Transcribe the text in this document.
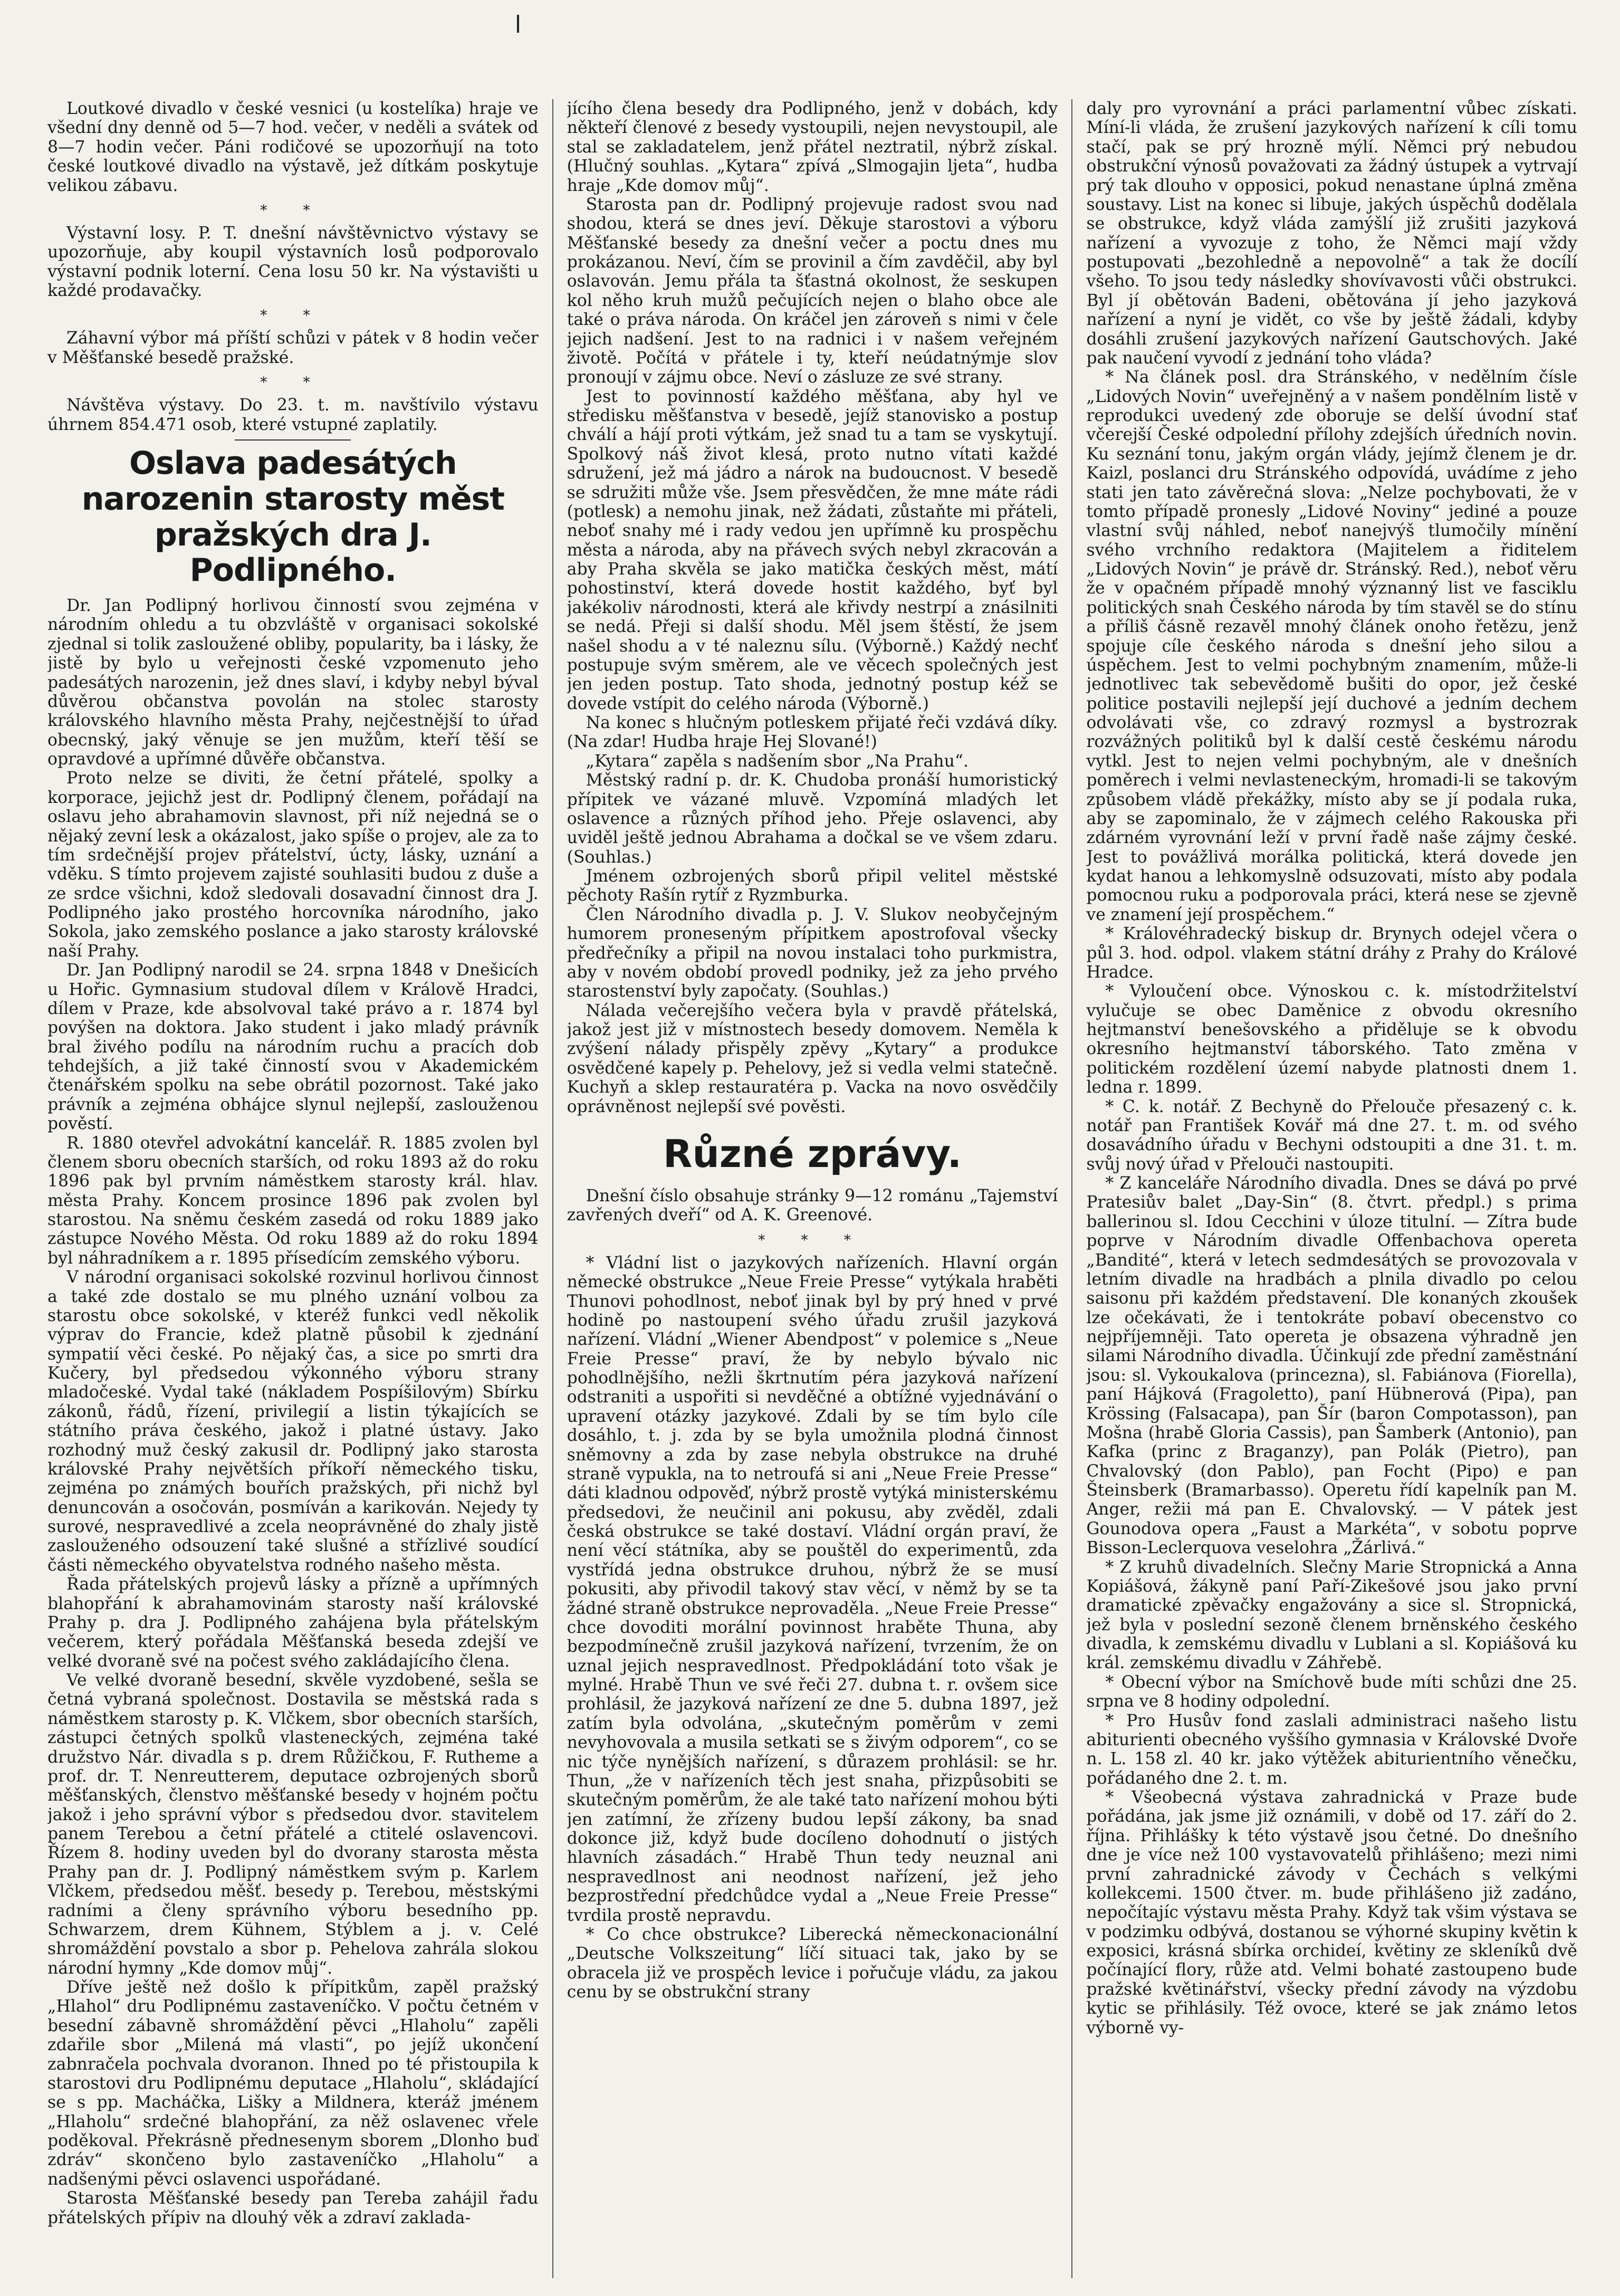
Loutkové divadlo v české vesnici (u kostelíka) hraje ve všední dny denně od 5—7 hod. večer, v neděli a svátek od 8—7 hodin večer. Páni rodičové se upozorňují na toto české loutkové divadlo na výstavě, jež dítkám poskytuje velikou zábavu.

* *

Výstavní losy. P. T. dnešní návštěvnictvo výstavy se upozorňuje, aby koupil výstavních losů podporovalo výstavní podnik loterní. Cena losu 50 kr. Na výstavišti u každé prodavačky.

* *

Záhavní výbor má příští schůzi v pátek v 8 hodin večer v Měšťanské besedě pražské.

* *

Návštěva výstavy. Do 23. t. m. navštívilo výstavu úhrnem 854.471 osob, které vstupné zaplatily.

Oslava padesátých narozenin starosty měst pražských dra J. Podlipného.

Dr. Jan Podlipný horlivou činností svou zejména v národním ohledu a tu obzvláště v organisaci sokolské zjednal si tolik zasloužené obliby, popularity, ba i lásky, že jistě by bylo u veřejnosti české vzpomenuto jeho padesátých narozenin, jež dnes slaví, i kdyby nebyl býval důvěrou občanstva povolán na stolec starosty královského hlavního města Prahy, nejčestnější to úřad obecnský, jaký věnuje se jen mužům, kteří těší se opravdové a upřímné důvěře občanstva.

Proto nelze se diviti, že četní přátelé, spolky a korporace, jejichž jest dr. Podlipný členem, pořádají na oslavu jeho abrahamovin slavnost, při níž nejedná se o nějaký zevní lesk a okázalost, jako spíše o projev, ale za to tím srdečnější projev přátelství, úcty, lásky, uznání a vděku. S tímto projevem zajisté souhlasiti budou z duše a ze srdce všichni, kdož sledovali dosavadní činnost dra J. Podlipného jako prostého horcovníka národního, jako Sokola, jako zemského poslance a jako starosty královské naší Prahy.

Dr. Jan Podlipný narodil se 24. srpna 1848 v Dnešicích u Hořic. Gymnasium studoval dílem v Králově Hradci, dílem v Praze, kde absolvoval také právo a r. 1874 byl povýšen na doktora. Jako student i jako mladý právník bral živého podílu na národním ruchu a pracích dob tehdejších, a již také činností svou v Akademickém čtenářském spolku na sebe obrátil pozornost. Také jako právník a zejména obhájce slynul nejlepší, zaslouženou pověstí.

R. 1880 otevřel advokátní kancelář. R. 1885 zvolen byl členem sboru obecních starších, od roku 1893 až do roku 1896 pak byl prvním náměstkem starosty král. hlav. města Prahy. Koncem prosince 1896 pak zvolen byl starostou. Na sněmu českém zasedá od roku 1889 jako zástupce Nového Města. Od roku 1889 až do roku 1894 byl náhradníkem a r. 1895 přísedícím zemského výboru.

V národní organisaci sokolské rozvinul horlivou činnost a také zde dostalo se mu plného uznání volbou za starostu obce sokolské, v kteréž funkci vedl několik výprav do Francie, kdež platně působil k zjednání sympatií věci české. Po nějaký čas, a sice po smrti dra Kučery, byl předsedou výkonného výboru strany mladočeské. Vydal také (nákladem Pospíšilovým) Sbírku zákonů, řádů, řízení, privilegií a listin týkajících se státního práva českého, jakož i platné ústavy. Jako rozhodný muž český zakusil dr. Podlipný jako starosta královské Prahy největších příkoří německého tisku, zejména po známých bouřích pražských, při nichž byl denuncován a osočován, posmíván a karikován. Nejedy ty surové, nespravedlivé a zcela neoprávněné do zhaly jistě zaslouženého odsouzení také slušné a střízlivé soudící části německého obyvatelstva rodného našeho města.

Řada přátelských projevů lásky a přízně a upřímných blahopřání k abrahamovinám starosty naší královské Prahy p. dra J. Podlipného zahájena byla přátelským večerem, který pořádala Měšťanská beseda zdejší ve velké dvoraně své na počest svého zakládajícího člena.

Ve velké dvoraně besední, skvěle vyzdobené, sešla se četná vybraná společnost. Dostavila se městská rada s náměstkem starosty p. K. Vlčkem, sbor obecních starších, zástupci četných spolků vlasteneckých, zejména také družstvo Nár. divadla s p. drem Růžičkou, F. Rutheme a prof. dr. T. Nenreutterem, deputace ozbrojených sborů měšťanských, členstvo měšťanské besedy v hojném počtu jakož i jeho správní výbor s předsedou dvor. stavitelem panem Terebou a četní přátelé a ctitelé oslavencovi. Řízem 8. hodiny uveden byl do dvorany starosta města Prahy pan dr. J. Podlipný náměstkem svým p. Karlem Vlčkem, předsedou měšť. besedy p. Terebou, městskými radními a členy správního výboru besedního pp. Schwarzem, drem Kühnem, Stýblem a j. v. Celé shromáždění povstalo a sbor p. Pehelova zahrála slokou národní hymny „Kde domov můj“.

Dříve ještě než došlo k přípitkům, zapěl pražský „Hlahol“ dru Podlipnému zastaveníčko. V počtu četném v besední zábavně shromáždění pěvci „Hlaholu“ zapěli zdařile sbor „Milená má vlasti“, po jejíž ukončení zabnračela pochvala dvoranon. Ihned po té přistoupila k starostovi dru Podlipnému deputace „Hlaholu“, skládající se s pp. Macháčka, Lišky a Mildnera, kteráž jménem „Hlaholu“ srdečné blahopřání, za něž oslavenec vřele poděkoval. Překrásně přednesenym sborem „Dlonho buď zdráv“ skončeno bylo zastaveníčko „Hlaholu“ a nadšenými pěvci oslavenci uspořádané.

Starosta Měšťanské besedy pan Tereba zahájil řadu přátelských přípiv na dlouhý věk a zdraví zaklada-

jícího člena besedy dra Podlipného, jenž v dobách, kdy někteří členové z besedy vystoupili, nejen nevystoupil, ale stal se zakladatelem, jenž přátel neztratil, nýbrž získal. (Hlučný souhlas. „Kytara“ zpívá „Slmogajin ljeta“, hudba hraje „Kde domov můj“.

Starosta pan dr. Podlipný projevuje radost svou nad shodou, která se dnes jeví. Děkuje starostovi a výboru Měšťanské besedy za dnešní večer a poctu dnes mu prokázanou. Neví, čím se provinil a čím zavděčil, aby byl oslavován. Jemu přála ta šťastná okolnost, že seskupen kol něho kruh mužů pečujících nejen o blaho obce ale také o práva národa. On kráčel jen zároveň s nimi v čele jejich nadšení. Jest to na radnici i v našem veřejném životě. Počítá v přátele i ty, kteří neúdatnýmje slov pronoují v zájmu obce. Neví o zásluze ze své strany.

Jest to povinností každého měšťana, aby hyl ve středisku měšťanstva v besedě, jejíž stanovisko a postup chválí a hájí proti výtkám, jež snad tu a tam se vyskytují. Spolkový náš život klesá, proto nutno vítati každé sdružení, jež má jádro a nárok na budoucnost. V besedě se sdružiti může vše. Jsem přesvědčen, že mne máte rádi (potlesk) a nemohu jinak, než žádati, zůstaňte mi přáteli, neboť snahy mé i rady vedou jen upřímně ku prospěchu města a národa, aby na přávech svých nebyl zkracován a aby Praha skvěla se jako matička českých měst, mátí pohostinství, která dovede hostit každého, byť byl jakékoliv národnosti, která ale křivdy nestrpí a znásilniti se nedá. Přeji si další shodu. Měl jsem štěstí, že jsem našel shodu a v té naleznu sílu. (Výborně.) Každý nechť postupuje svým směrem, ale ve věcech společných jest jen jeden postup. Tato shoda, jednotný postup kéž se dovede vstípit do celého národa (Výborně.)

Na konec s hlučným potleskem přijaté řeči vzdává díky. (Na zdar! Hudba hraje Hej Slované!)

„Kytara“ zapěla s nadšením sbor „Na Prahu“.

Městský radní p. dr. K. Chudoba pronáší humoristický přípitek ve vázané mluvě. Vzpomíná mladých let oslavence a různých příhod jeho. Přeje oslavenci, aby uviděl ještě jednou Abrahama a dočkal se ve všem zdaru. (Souhlas.)

Jménem ozbrojených sborů připil velitel městské pěchoty Rašín rytíř z Ryzmburka.

Člen Národního divadla p. J. V. Slukov neobyčejným humorem proneseným přípitkem apostrofoval všecky předřečníky a připil na novou instalaci toho purkmistra, aby v novém období provedl podniky, jež za jeho prvého starostenství byly započaty. (Souhlas.)

Nálada večerejšího večera byla v pravdě přátelská, jakož jest již v místnostech besedy domovem. Neměla k zvýšení nálady přispěly zpěvy „Kytary“ a produkce osvědčené kapely p. Pehelovy, jež si vedla velmi statečně. Kuchyň a sklep restauratéra p. Vacka na novo osvědčily oprávněnost nejlepší své pověsti.

Různé zprávy.

Dnešní číslo obsahuje stránky 9—12 románu „Tajemství zavřených dveří“ od A. K. Greenové.

* * *

* Vládní list o jazykových nařízeních. Hlavní orgán německé obstrukce „Neue Freie Presse“ vytýkala hraběti Thunovi pohodlnost, neboť jinak byl by prý hned v prvé hodině po nastoupení svého úřadu zrušil jazyková nařízení. Vládní „Wiener Abendpost“ v polemice s „Neue Freie Presse“ praví, že by nebylo bývalo nic pohodlnějšího, nežli škrtnutím péra jazyková nařízení odstraniti a uspořiti si nevděčné a obtížné vyjednávání o upravení otázky jazykové. Zdali by se tím bylo cíle dosáhlo, t. j. zda by se byla umožnila plodná činnost sněmovny a zda by zase nebyla obstrukce na druhé straně vypukla, na to netroufá si ani „Neue Freie Presse“ dáti kladnou odpověď, nýbrž prostě vytýká ministerskému předsedovi, že neučinil ani pokusu, aby zvěděl, zdali česká obstrukce se také dostaví. Vládní orgán praví, že není věcí státníka, aby se pouštěl do experimentů, zda vystřídá jedna obstrukce druhou, nýbrž že se musí pokusiti, aby přivodil takový stav věcí, v němž by se ta žádné straně obstrukce neprovaděla. „Neue Freie Presse“ chce dovoditi morální povinnost hraběte Thuna, aby bezpodmínečně zrušil jazyková nařízení, tvrzením, že on uznal jejich nespravedlnost. Předpokládání toto však je mylné. Hrabě Thun ve své řeči 27. dubna t. r. ovšem sice prohlásil, že jazyková nařízení ze dne 5. dubna 1897, jež zatím byla odvolána, „skutečným poměrům v zemi nevyhovovala a musila setkati se s živým odporem“, co se nic týče nynějších nařízení, s důrazem prohlásil: se hr. Thun, „že v nařízeních těch jest snaha, přizpůsobiti se skutečným poměrům, že ale také tato nařízení mohou býti jen zatímní, že zřízeny budou lepší zákony, ba snad dokonce již, když bude docíleno dohodnutí o jistých hlavních zásadách.“ Hrabě Thun tedy neuznal ani nespravedlnost ani neodnost nařízení, jež jeho bezprostřední předchůdce vydal a „Neue Freie Presse“ tvrdila prostě nepravdu.

* Co chce obstrukce? Liberecká německonacionální „Deutsche Volkszeitung“ líčí situaci tak, jako by se obracela již ve prospěch levice i pořučuje vládu, za jakou cenu by se obstrukční strany

daly pro vyrovnání a práci parlamentní vůbec získati. Míní-li vláda, že zrušení jazykových nařízení k cíli tomu stačí, pak se prý hrozně mýlí. Němci prý nebudou obstrukční výnosů považovati za žádný ústupek a vytrvají prý tak dlouho v opposici, pokud nenastane úplná změna soustavy. List na konec si libuje, jakých úspěchů dodělala se obstrukce, když vláda zamýšlí již zrušiti jazyková nařízení a vyvozuje z toho, že Němci mají vždy postupovati „bezohledně a nepovolně“ a tak že docílí všeho. To jsou tedy následky shovívavosti vůči obstrukci. Byl jí obětován Badeni, obětována jí jeho jazyková nařízení a nyní je vidět, co vše by ještě žádali, kdyby dosáhli zrušení jazykových nařízení Gautschových. Jaké pak naučení vyvodí z jednání toho vláda?

* Na článek posl. dra Stránského, v nedělním čísle „Lidových Novin“ uveřejněný a v našem pondělním listě v reprodukci uvedený zde oboruje se delší úvodní stať včerejší České odpolední přílohy zdejších úředních novin. Ku seznání tonu, jakým orgán vlády, jejímž členem je dr. Kaizl, poslanci dru Stránského odpovídá, uvádíme z jeho stati jen tato závěrečná slova: „Nelze pochybovati, že v tomto případě pronesly „Lidové Noviny“ jediné a pouze vlastní svůj náhled, neboť nanejvýš tlumočily mínění svého vrchního redaktora (Majitelem a řiditelem „Lidových Novin“ je právě dr. Stránský. Red.), neboť věru že v opačném případě mnohý význanný list ve fasciklu politických snah Českého národa by tím stavěl se do stínu a příliš čásně rezavěl mnohý článek onoho řetězu, jenž spojuje cíle českého národa s dnešní jeho silou a úspěchem. Jest to velmi pochybným znamením, může-li jednotlivec tak sebevědomě bušiti do opor, jež české politice postavili nejlepší její duchové a jedním dechem odvolávati vše, co zdravý rozmysl a bystrozrak rozvážných politiků byl k další cestě českému národu vytkl. Jest to nejen velmi pochybným, ale v dnešních poměrech i velmi nevlasteneckým, hromadi-li se takovým způsobem vládě překážky, místo aby se jí podala ruka, aby se zapominalo, že v zájmech celého Rakouska při zdárném vyrovnání leží v první řadě naše zájmy české. Jest to povážlivá morálka politická, která dovede jen kydat hanou a lehkomyslně odsuzovati, místo aby podala pomocnou ruku a podporovala práci, která nese se zjevně ve znamení její prospěchem.“

* Královéhradecký biskup dr. Brynych odejel včera o půl 3. hod. odpol. vlakem státní dráhy z Prahy do Králové Hradce.

* Vyloučení obce. Výnoskou c. k. místodržitelství vylučuje se obec Daměnice z obvodu okresního hejtmanství benešovského a přiděluje se k obvodu okresního hejtmanství táborského. Tato změna v politickém rozdělení území nabyde platnosti dnem 1. ledna r. 1899.

* C. k. notář. Z Bechyně do Přelouče přesazený c. k. notář pan František Kovář má dne 27. t. m. od svého dosavádního úřadu v Bechyni odstoupiti a dne 31. t. m. svůj nový úřad v Přelouči nastoupiti.

* Z kanceláře Národního divadla. Dnes se dává po prvé Pratesiův balet „Day-Sin“ (8. čtvrt. předpl.) s prima ballerinou sl. Idou Cecchini v úloze titulní. — Zítra bude poprve v Národním divadle Offenbachova opereta „Bandité“, která v letech sedmdesátých se provozovala v letním divadle na hradbách a plnila divadlo po celou saisonu při každém představení. Dle konaných zkoušek lze očekávati, že i tentokráte pobaví obecenstvo co nejpříjemněji. Tato opereta je obsazena výhradně jen silami Národního divadla. Účinkují zde přední zaměstnání jsou: sl. Vykoukalova (princezna), sl. Fabiánova (Fiorella), paní Hájková (Fragoletto), paní Hübnerová (Pipa), pan Krössing (Falsacapa), pan Šír (baron Compotasson), pan Mošna (hrabě Gloria Cassis), pan Šamberk (Antonio), pan Kafka (princ z Braganzy), pan Polák (Pietro), pan Chvalovský (don Pablo), pan Focht (Pipo) e pan Šteinsberk (Bramarbasso). Operetu řídí kapelník pan M. Anger, režii má pan E. Chvalovský. — V pátek jest Gounodova opera „Faust a Markéta“, v sobotu poprve Bisson-Leclerquova veselohra „Žárlivá.“

* Z kruhů divadelních. Slečny Marie Stropnická a Anna Kopiášová, žákyně paní Paří-Zikešové jsou jako první dramatické zpěvačky engažovány a sice sl. Stropnická, jež byla v poslední sezoně členem brněnského českého divadla, k zemskému divadlu v Lublani a sl. Kopiášová ku král. zemskému divadlu v Záhřebě.

* Obecní výbor na Smíchově bude míti schůzi dne 25. srpna ve 8 hodiny odpolední.

* Pro Husův fond zaslali administraci našeho listu abiturienti obecného vyššího gymnasia v Královské Dvoře n. L. 158 zl. 40 kr. jako výtěžek abiturientního věnečku, pořádaného dne 2. t. m.

* Všeobecná výstava zahradnická v Praze bude pořádána, jak jsme již oznámili, v době od 17. září do 2. října. Přihlášky k této výstavě jsou četné. Do dnešního dne je více než 100 vystavovatelů přihlášeno; mezi nimi první zahradnické závody v Čechách s velkými kollekcemi. 1500 čtver. m. bude přihlášeno již zadáno, nepočítajíc výstavu města Prahy. Když tak všim výstava se v podzimku odbývá, dostanou se výhorné skupiny květin k exposici, krásná sbírka orchideí, květiny ze skleníků dvě počínající flory, růže atd. Velmi bohaté zastoupeno bude pražské květinářství, všecky přední závody na výzdobu kytic se přihlásily. Též ovoce, které se jak známo letos výborně vy-
